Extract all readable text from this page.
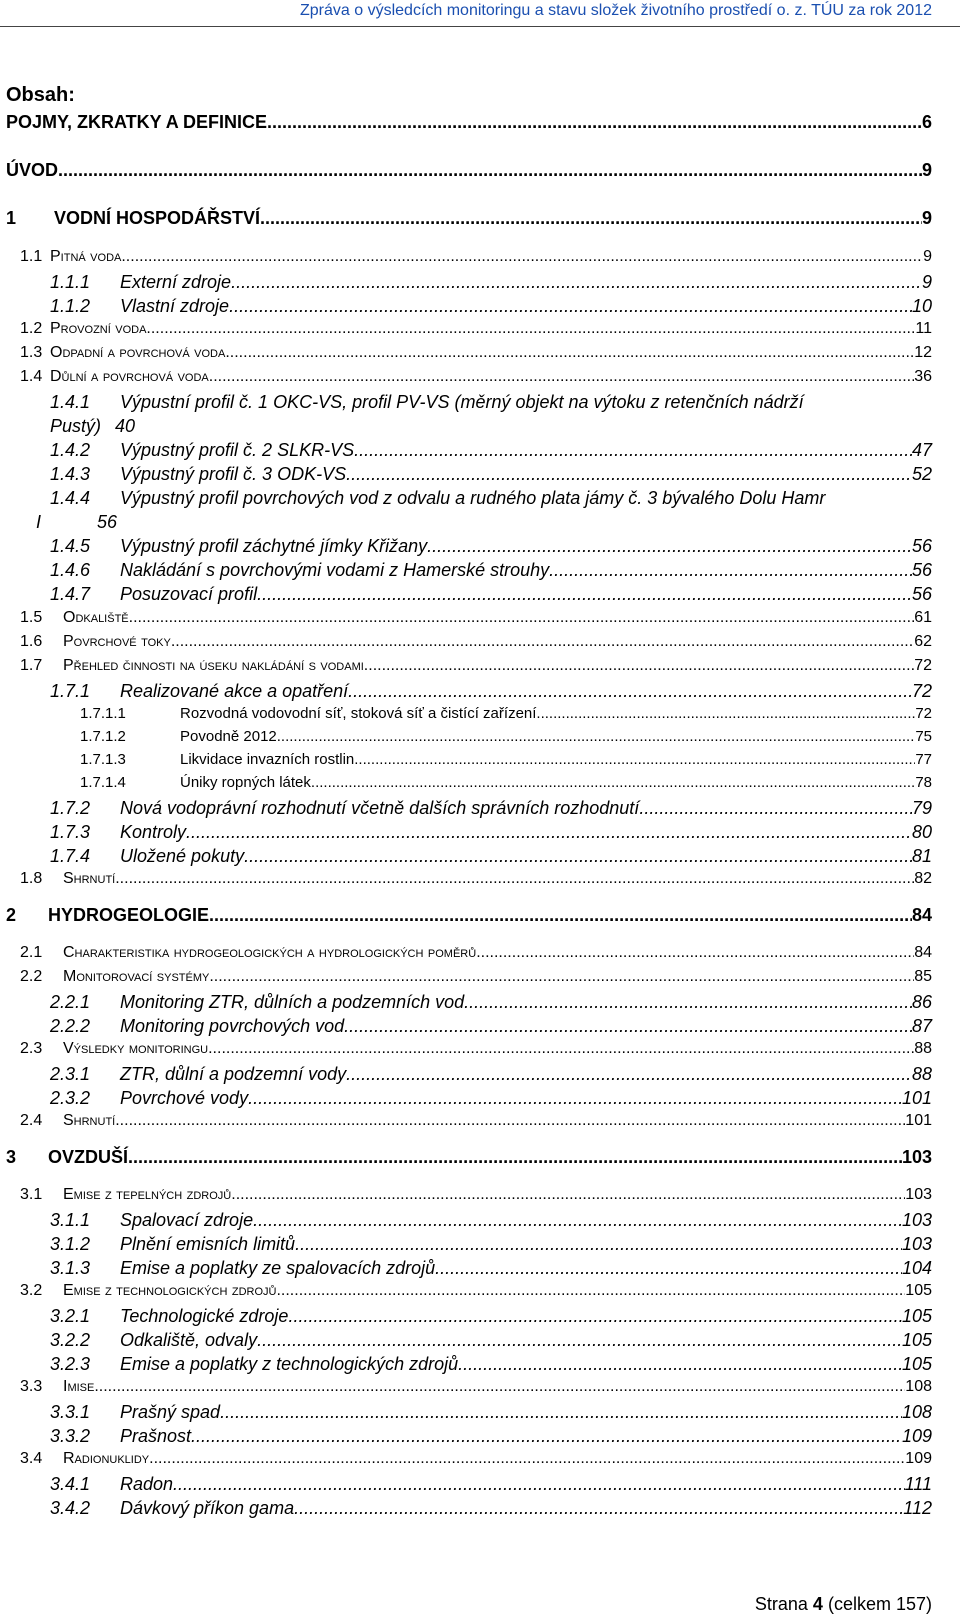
Zpráva o výsledcích monitoringu a stavu složek životního prostředí o. z. TÚU za rok 2012
Obsah:
POJMY, ZKRATKY A DEFINICE .....	6
ÚVOD .....	9
1	VODNÍ HOSPODÁŘSTVÍ .....	9
1.1 Pitná voda .....	9
1.1.1	Externí zdroje .....	9
1.1.2	Vlastní zdroje .....	10
1.2 Provozní voda .....	11
1.3 Odpadní a povrchová voda .....	12
1.4 Důlní a povrchová voda .....	36
1.4.1	Výpustní profil č. 1 OKC-VS, profil PV-VS (měrný objekt na výtoku z retenčních nádrží
Pustý) 40
1.4.2	Výpustný profil č. 2 SLKR-VS .....	47
1.4.3	Výpustný profil č. 3 ODK-VS .....	52
1.4.4	Výpustný profil povrchových vod z odvalu a rudného plata jámy č. 3 bývalého Dolu Hamr
I	56
1.4.5	Výpustný profil záchytné jímky Křižany .....	56
1.4.6	Nakládání s povrchovými vodami z Hamerské strouhy .....	56
1.4.7	Posuzovací profil .....	56
1.5	Odkaliště .....	61
1.6	Povrchové toky .....	62
1.7	Přehled činnosti na úseku nakládání s vodami .....	72
1.7.1	Realizované akce a opatření .....	72
1.7.1.1	Rozvodná vodovodní síť, stoková síť a čistící zařízení .....	72
1.7.1.2	Povodně 2012 .....	75
1.7.1.3	Likvidace invazních rostlin .....	77
1.7.1.4	Úniky ropných látek .....	78
1.7.2	Nová vodoprávní rozhodnutí včetně dalších správních rozhodnutí .....	79
1.7.3	Kontroly .....	80
1.7.4	Uložené pokuty .....	81
1.8	Shrnutí .....	82
2	HYDROGEOLOGIE .....	84
2.1	Charakteristika hydrogeologických a hydrologických poměrů .....	84
2.2	Monitorovací systémy .....	85
2.2.1	Monitoring ZTR, důlních a podzemních vod .....	86
2.2.2	Monitoring povrchových vod .....	87
2.3	Výsledky monitoringu .....	88
2.3.1	ZTR, důlní a podzemní vody .....	88
2.3.2	Povrchové vody .....	101
2.4	Shrnutí .....	101
3	OVZDUŠÍ .....	103
3.1	Emise z tepelných zdrojů .....	103
3.1.1	Spalovací zdroje .....	103
3.1.2	Plnění emisních limitů .....	103
3.1.3	Emise a poplatky ze spalovacích zdrojů .....	104
3.2	Emise z technologických zdrojů .....	105
3.2.1	Technologické zdroje .....	105
3.2.2	Odkaliště, odvaly .....	105
3.2.3	Emise a poplatky z technologických zdrojů .....	105
3.3	Imise .....	108
3.3.1	Prašný spad .....	108
3.3.2	Prašnost .....	109
3.4	Radionuklidy .....	109
3.4.1	Radon .....	111
3.4.2	Dávkový příkon gama .....	112
Strana 4 (celkem 157)
